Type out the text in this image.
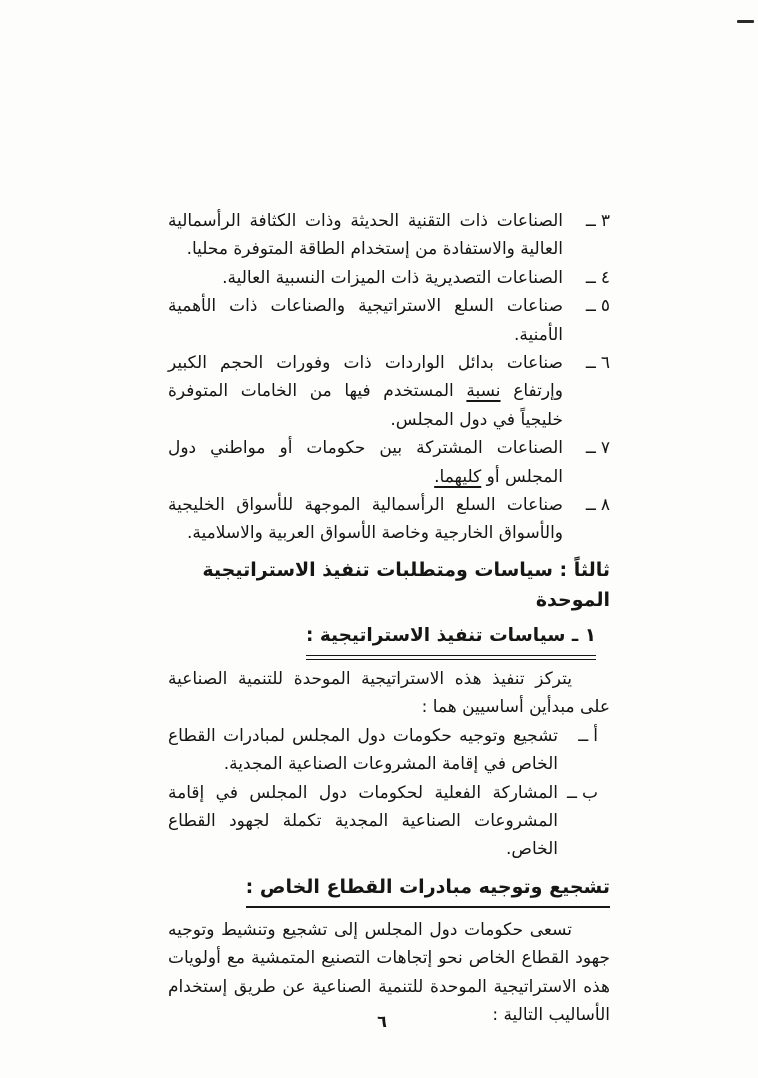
٣
ــ
الصناعات ذات التقنية الحديثة وذات الكثافة الرأسمالية العالية والاستفادة من إستخدام الطاقة المتوفرة محليا.
٤
ــ
الصناعات التصديرية ذات الميزات النسبية العالية.
٥
ــ
صناعات السلع الاستراتيجية والصناعات ذات الأهمية الأمنية.
٦
ــ
صناعات بدائل الواردات ذات وفورات الحجم الكبير وإرتفاع نسبة المستخدم فيها من الخامات المتوفرة خليجياً في دول المجلس.
٧
ــ
الصناعات المشتركة بين حكومات أو مواطني دول المجلس أو كليهما.
٨
ــ
صناعات السلع الرأسمالية الموجهة للأسواق الخليجية والأسواق الخارجية وخاصة الأسواق العربية والاسلامية.
ثالثاً : سياسات ومتطلبات تنفيذ الاستراتيجية الموحدة
١ ـ سياسات تنفيذ الاستراتيجية :

يتركز تنفيذ هذه الاستراتيجية الموحدة للتنمية الصناعية على مبدأين أساسيين هما :

أ
ــ
تشجيع وتوجيه حكومات دول المجلس لمبادرات القطاع الخاص في إقامة المشروعات الصناعية المجدية.
ب
ــ
المشاركة الفعلية لحكومات دول المجلس في إقامة المشروعات الصناعية المجدية تكملة لجهود القطاع الخاص.
تشجيع وتوجيه مبادرات القطاع الخاص :

تسعى حكومات دول المجلس إلى تشجيع وتنشيط وتوجيه جهود القطاع الخاص نحو إتجاهات التصنيع المتمشية مع أولويات هذه الاستراتيجية الموحدة للتنمية الصناعية عن طريق إستخدام الأساليب التالية :

٦
